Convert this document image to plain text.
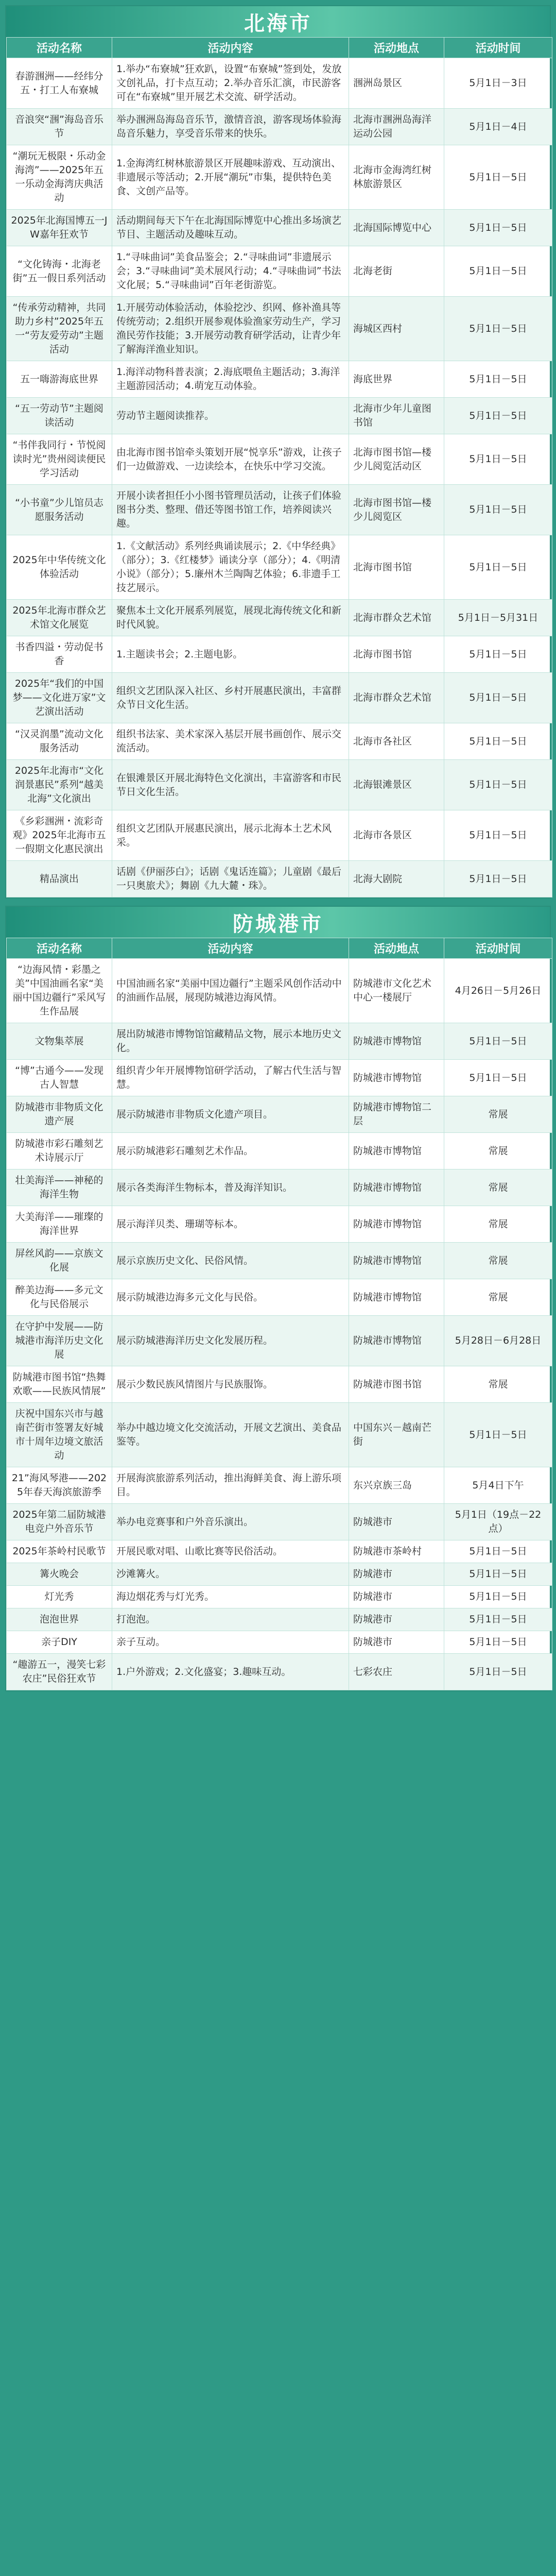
北海市
活动名称	活动内容	活动地点	活动时间
春游涠洲——经纬分五・打工人布寮城	1.举办“布寮城”狂欢趴，设置“布寮城”签到处，发放文创礼品，打卡点互动；2.举办音乐汇演，市民游客可在“布寮城”里开展艺术交流、研学活动。	涠洲岛景区	5月1日－3日
音浪突“涠”海岛音乐节	举办涠洲岛海岛音乐节，激情音浪，游客现场体验海岛音乐魅力，享受音乐带来的快乐。	北海市涠洲岛海洋运动公园	5月1日－4日
“潮玩无极限・乐动金海湾”——2025年五一乐动金海湾庆典活动	1.金海湾红树林旅游景区开展趣味游戏、互动演出、非遗展示等活动；2.开展“潮玩”市集，提供特色美食、文创产品等。	北海市金海湾红树林旅游景区	5月1日－5日
2025年北海国博五一JW嘉年狂欢节	活动期间每天下午在北海国际博览中心推出多场演艺节目、主题活动及趣味互动。	北海国际博览中心	5月1日－5日
“文化铸海・北海老街”五一假日系列活动	1.“寻味曲词”美食品鉴会；2.“寻味曲词”非遗展示会；3.“寻味曲词”美术展风行动；4.“寻味曲词”书法文化展；5.“寻味曲词”百年老街游览。	北海老街	5月1日－5日
“传承劳动精神，共同助力乡村”2025年五一“劳友爱劳动”主题活动	1.开展劳动体验活动，体验挖沙、织网、修补渔具等传统劳动；2.组织开展参观体验渔家劳动生产，学习渔民劳作技能；3.开展劳动教育研学活动，让青少年了解海洋渔业知识。	海城区西村	5月1日－5日
五一嗨游海底世界	1.海洋动物科普表演；2.海底喂鱼主题活动；3.海洋主题游园活动；4.萌宠互动体验。	海底世界	5月1日－5日
“五一劳动节”主题阅读活动	劳动节主题阅读推荐。	北海市少年儿童图书馆	5月1日－5日
“书伴我同行・节悦阅读时光”贵州阅读便民学习活动	由北海市图书馆牵头策划开展“悦享乐”游戏，让孩子们一边做游戏、一边读绘本，在快乐中学习交流。	北海市图书馆—楼少儿阅览活动区	5月1日－5日
“小书童”少儿馆员志愿服务活动	开展小读者担任小小图书管理员活动，让孩子们体验图书分类、整理、借还等图书馆工作，培养阅读兴趣。	北海市图书馆—楼少儿阅览区	5月1日－5日
2025年中华传统文化体验活动	1.《文献活动》系列经典诵读展示；2.《中华经典》（部分）；3.《红楼梦》诵读分享（部分）；4.《明清小说》（部分）；5.廉州木兰陶陶艺体验；6.非遗手工技艺展示。	北海市图书馆	5月1日－5日
2025年北海市群众艺术馆文化展览	聚焦本土文化开展系列展览，展现北海传统文化和新时代风貌。	北海市群众艺术馆	5月1日－5月31日
书香四溢・劳动促书香	1.主题读书会；2.主题电影。	北海市图书馆	5月1日－5日
2025年“我们的中国梦——文化进万家”文艺演出活动	组织文艺团队深入社区、乡村开展惠民演出，丰富群众节日文化生活。	北海市群众艺术馆	5月1日－5日
“汉灵润墨”流动文化服务活动	组织书法家、美术家深入基层开展书画创作、展示交流活动。	北海市各社区	5月1日－5日
2025年北海市“文化润景惠民”系列“越美北海”文化演出	在银滩景区开展北海特色文化演出，丰富游客和市民节日文化生活。	北海银滩景区	5月1日－5日
《乡彩涠洲・流彩奇观》2025年北海市五一假期文化惠民演出	组织文艺团队开展惠民演出，展示北海本土艺术风采。	北海市各景区	5月1日－5日
精品演出	话剧《伊丽莎白》；话剧《鬼话连篇》；儿童剧《最后一只奥旅犬》；舞剧《九大麓・珠》。	北海大剧院	5月1日－5日
防城港市
活动名称	活动内容	活动地点	活动时间
“边海风情・彩墨之美”中国油画名家“美丽中国边疆行”采风写生作品展	中国油画名家“美丽中国边疆行”主题采风创作活动中的油画作品展，展现防城港边海风情。	防城港市文化艺术中心一楼展厅	4月26日－5月26日
文物集萃展	展出防城港市博物馆馆藏精品文物，展示本地历史文化。	防城港市博物馆	5月1日－5日
“博”古通今——发现古人智慧	组织青少年开展博物馆研学活动，了解古代生活与智慧。	防城港市博物馆	5月1日－5日
防城港市非物质文化遗产展	展示防城港市非物质文化遗产项目。	防城港市博物馆二层	常展
防城港市彩石雕刻艺术诗展示厅	展示防城港彩石雕刻艺术作品。	防城港市博物馆	常展
壮美海洋——神秘的海洋生物	展示各类海洋生物标本，普及海洋知识。	防城港市博物馆	常展
大美海洋——璀璨的海洋世界	展示海洋贝类、珊瑚等标本。	防城港市博物馆	常展
屏丝风韵——京族文化展	展示京族历史文化、民俗风情。	防城港市博物馆	常展
醉美边海——多元文化与民俗展示	展示防城港边海多元文化与民俗。	防城港市博物馆	常展
在守护中发展——防城港市海洋历史文化展	展示防城港海洋历史文化发展历程。	防城港市博物馆	5月28日－6月28日
防城港市图书馆“热舞欢歌——民族风情展”	展示少数民族风情图片与民族服饰。	防城港市图书馆	常展
庆祝中国东兴市与越南芒街市签署友好城市十周年边境文旅活动	举办中越边境文化交流活动，开展文艺演出、美食品鉴等。	中国东兴－越南芒街	5月1日－5日
21”海风琴港——2025年春天海滨旅游季	开展海滨旅游系列活动，推出海鲜美食、海上游乐项目。	东兴京族三岛	5月4日下午
2025年第二届防城港电竞户外音乐节	举办电竞赛事和户外音乐演出。	防城港市	5月1日（19点－22点）
2025年茶岭村民歌节	开展民歌对唱、山歌比赛等民俗活动。	防城港市茶岭村	5月1日－5日
篝火晚会	沙滩篝火。	防城港市	5月1日－5日
灯光秀	海边烟花秀与灯光秀。	防城港市	5月1日－5日
泡泡世界	打泡泡。	防城港市	5月1日－5日
亲子DIY	亲子互动。	防城港市	5月1日－5日
“趣游五一，漫笑七彩农庄”民俗狂欢节	1.户外游戏；2.文化盛宴；3.趣味互动。	七彩农庄	5月1日－5日
